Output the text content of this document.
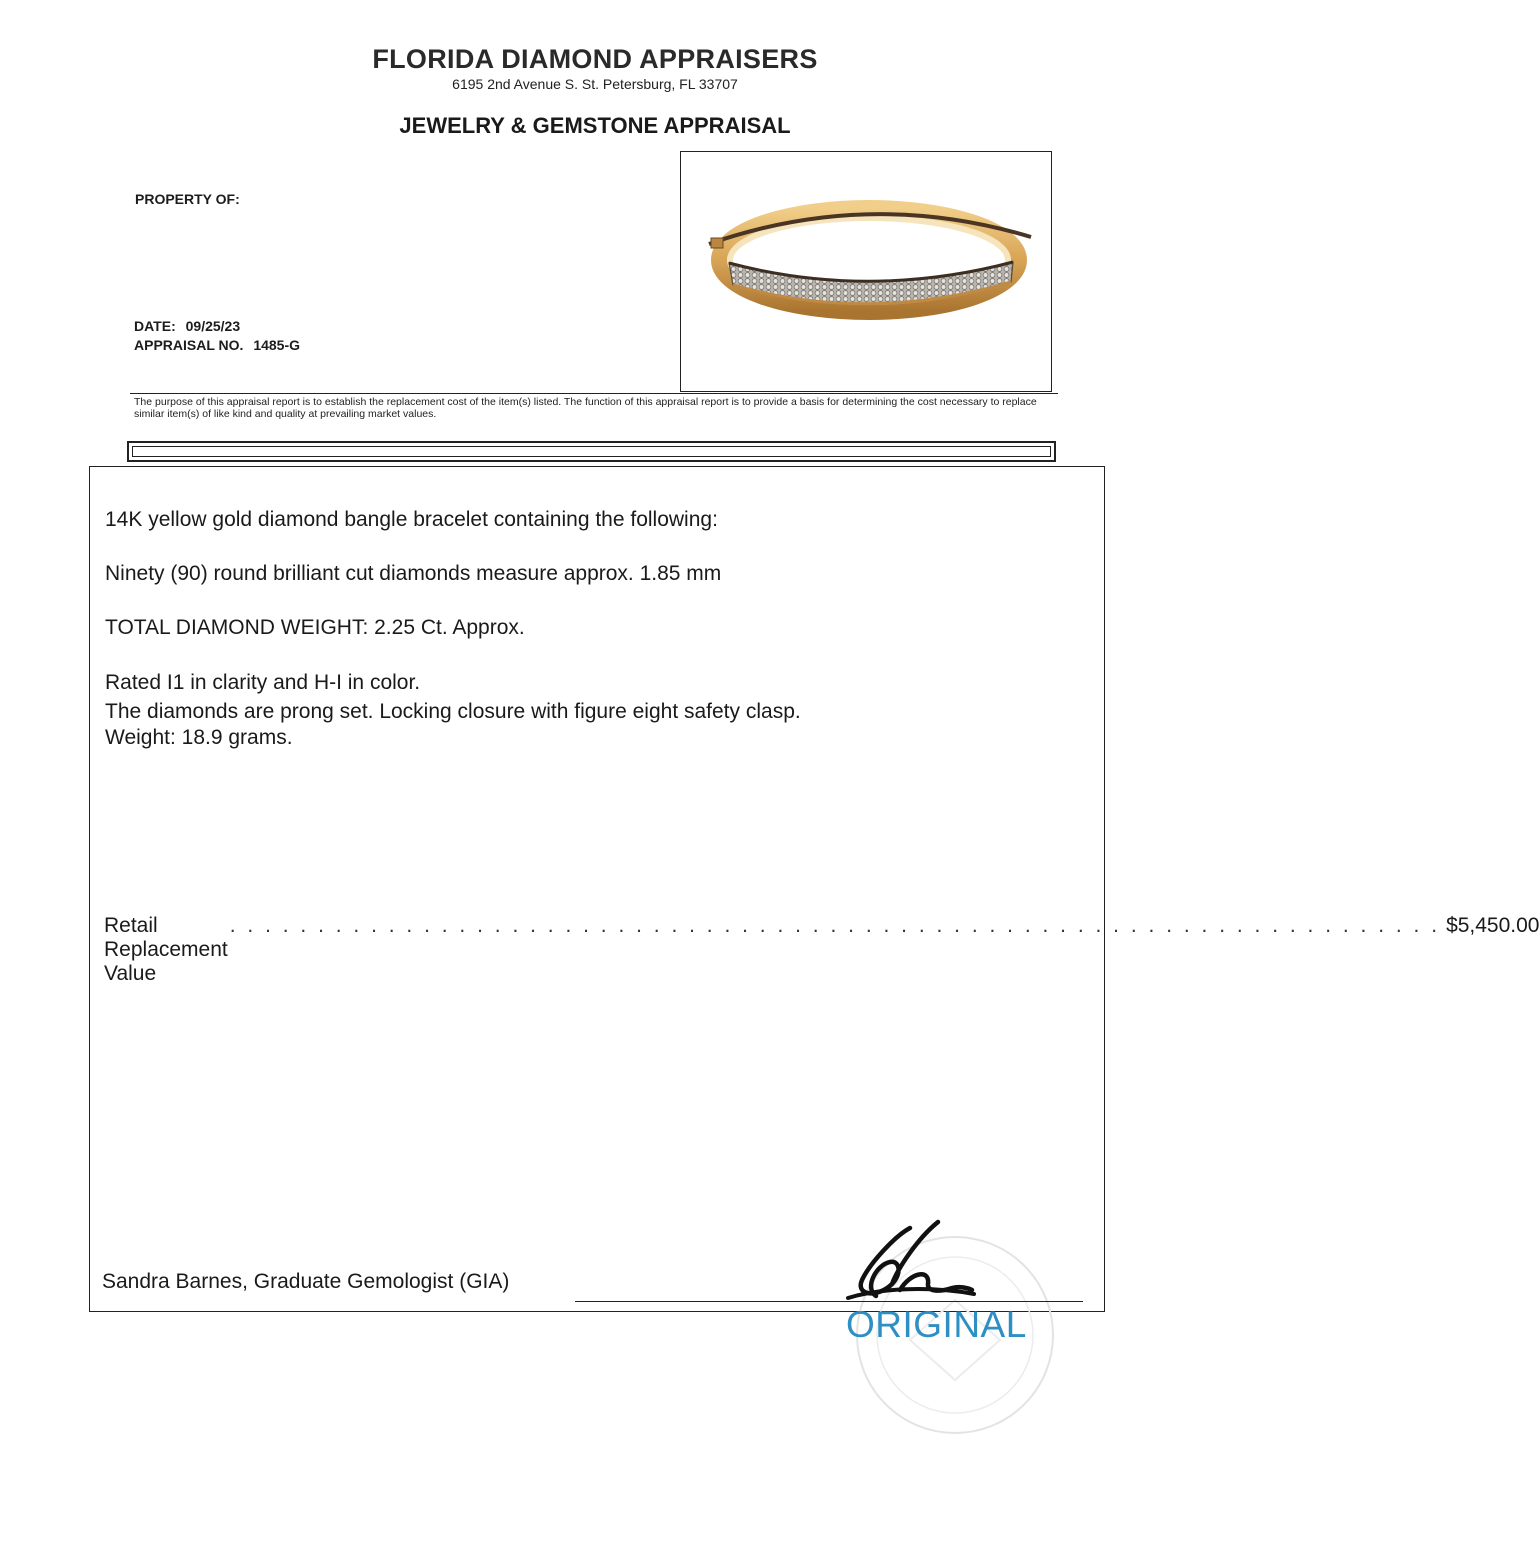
FLORIDA DIAMOND APPRAISERS
6195 2nd Avenue S. St. Petersburg, FL 33707
JEWELRY & GEMSTONE APPRAISAL
PROPERTY OF:
DATE: 09/25/23
APPRAISAL NO. 1485-G
The purpose of this appraisal report is to establish the replacement cost of the item(s) listed. The function of this appraisal report is to provide a basis for determining the cost necessary to replace similar item(s) of like kind and quality at prevailing market values.
14K yellow gold diamond bangle bracelet containing the following:
Ninety (90) round brilliant cut diamonds measure approx. 1.85 mm
TOTAL DIAMOND WEIGHT: 2.25 Ct. Approx.
Rated I1 in clarity and H-I in color.
The diamonds are prong set. Locking closure with figure eight safety clasp.
Weight: 18.9 grams.
Retail Replacement Value
. . . . . . . . . . . . . . . . . . . . . . . . . . . . . . . . . . . . . . . . . . . . . . . . . . . . . . . . . . . . . . . . . . . . . $5,450.00
Sandra Barnes, Graduate Gemologist (GIA)
ORIGINAL
